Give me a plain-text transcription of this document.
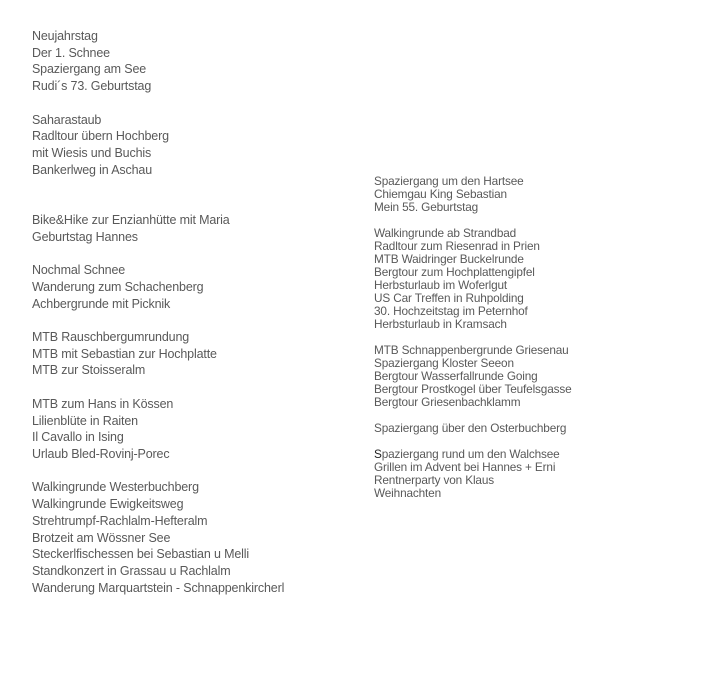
Neujahrstag
Der 1. Schnee
Spaziergang am See
Rudi´s 73. Geburtstag

Saharastaub
Radltour übern Hochberg
mit Wiesis und Buchis
Bankerlweg in Aschau

Bike&Hike zur Enzianhütte mit Maria
Geburtstag Hannes

Nochmal Schnee
Wanderung zum Schachenberg
Achbergrunde mit Picknik

MTB Rauschbergumrundung
MTB mit Sebastian zur Hochplatte
MTB zur Stoisseralm

MTB zum Hans in Kössen
Lilienblüte in Raiten
Il Cavallo in Ising
Urlaub Bled-Rovinj-Porec

Walkingrunde Westerbuchberg
Walkingrunde Ewigkeitsweg
Strehtrumpf-Rachlalm-Hefteralm
Brotzeit am Wössner See
Steckerlfischessen bei Sebastian u Melli
Standkonzert in Grassau u Rachlalm
Wanderung Marquartstein - Schnappenkircherl
Spaziergang um den Hartsee
Chiemgau King Sebastian
Mein 55. Geburtstag

Walkingrunde ab Strandbad
Radltour zum Riesenrad in Prien
MTB Waidringer Buckelrunde
Bergtour zum Hochplattengipfel
Herbsturlaub im Woferlgut
US Car Treffen in Ruhpolding
30. Hochzeitstag im Peternhof
Herbsturlaub in Kramsach

MTB Schnappenbergrunde Griesenau
Spaziergang Kloster Seeon
Bergtour Wasserfallrunde Going
Bergtour Prostkogel über Teufelsgasse
Bergtour Griesenbachklamm

Spaziergang über den Osterbuchberg

Spaziergang rund um den Walchsee
Grillen im Advent bei Hannes + Erni
Rentnerparty von Klaus
Weihnachten
